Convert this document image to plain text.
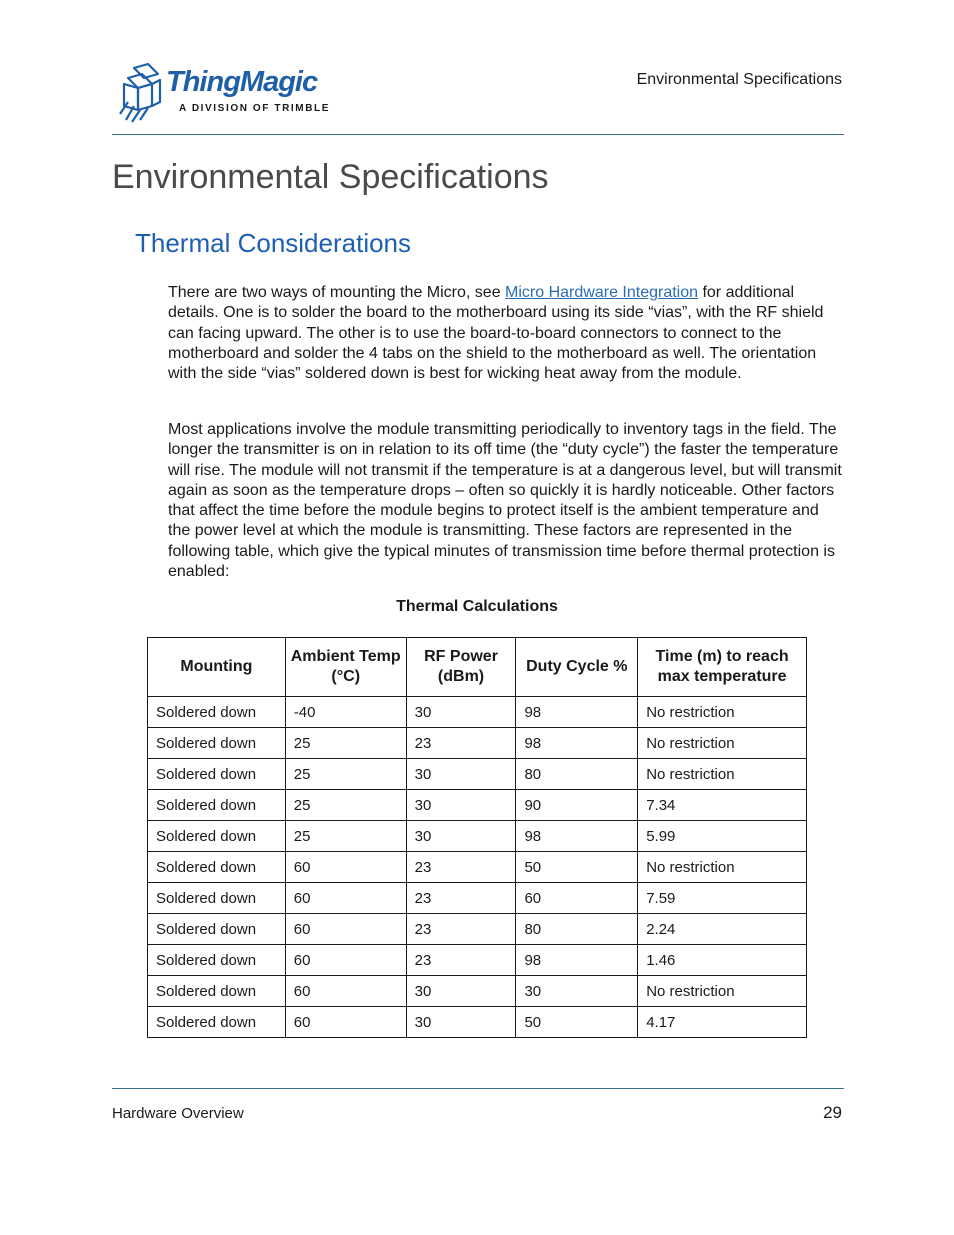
ThingMagic
A DIVISION OF TRIMBLE
Environmental Specifications
Environmental Specifications
Thermal Considerations

There are two ways of mounting the Micro, see Micro Hardware Integration for additional details. One is to solder the board to the motherboard using its side “vias”, with the RF shield can facing upward. The other is to use the board-to-board connectors to connect to the motherboard and solder the 4 tabs on the shield to the motherboard as well. The orientation with the side “vias” soldered down is best for wicking heat away from the module.

Most applications involve the module transmitting periodically to inventory tags in the field. The longer the transmitter is on in relation to its off time (the “duty cycle”) the faster the temperature will rise. The module will not transmit if the temperature is at a dangerous level, but will transmit again as soon as the temperature drops – often so quickly it is hardly noticeable. Other factors that affect the time before the module begins to protect itself is the ambient temperature and the power level at which the module is transmitting. These factors are represented in the following table, which give the typical minutes of transmission time before thermal protection is enabled:

Thermal Calculations
Mounting	Ambient Temp (°C)	RF Power (dBm)	Duty Cycle %	Time (m) to reach max temperature
Soldered down	-40	30	98	No restriction
Soldered down	25	23	98	No restriction
Soldered down	25	30	80	No restriction
Soldered down	25	30	90	7.34
Soldered down	25	30	98	5.99
Soldered down	60	23	50	No restriction
Soldered down	60	23	60	7.59
Soldered down	60	23	80	2.24
Soldered down	60	23	98	1.46
Soldered down	60	30	30	No restriction
Soldered down	60	30	50	4.17
Hardware Overview	29
